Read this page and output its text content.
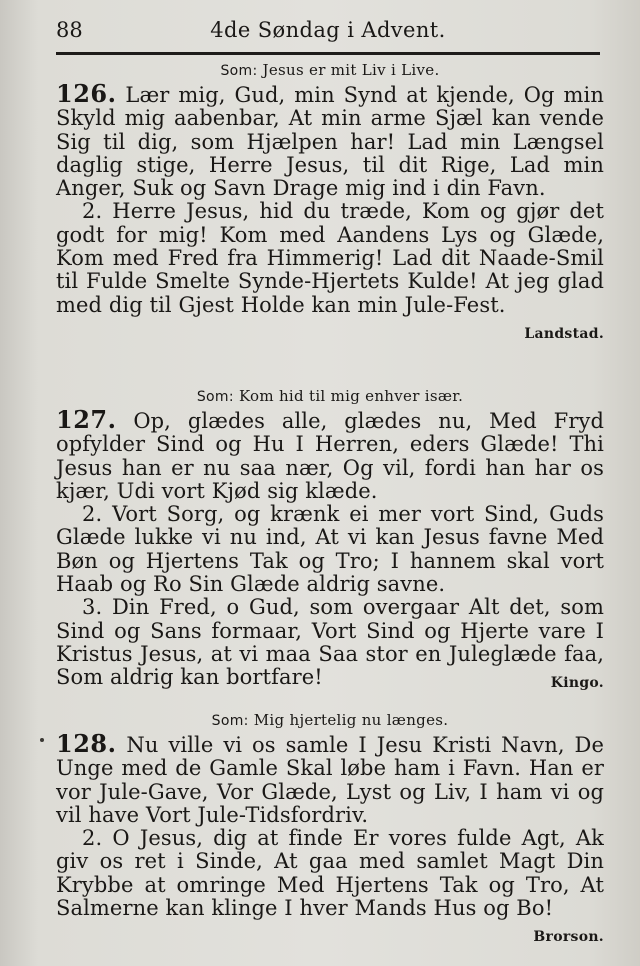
88	4de Søndag i Advent.
Som: Jesus er mit Liv i Live.

126. Lær mig, Gud, min Synd at kjende, Og min Skyld mig aabenbar, At min arme Sjæl kan vende Sig til dig, som Hjælpen har! Lad min Længsel daglig stige, Herre Jesus, til dit Rige, Lad min Anger, Suk og Savn Drage mig ind i din Favn.

2. Herre Jesus, hid du træde, Kom og gjør det godt for mig! Kom med Aandens Lys og Glæde, Kom med Fred fra Himmerig! Lad dit Naade-Smil til Fulde Smelte Synde-Hjertets Kulde! At jeg glad med dig til Gjest Holde kan min Jule-Fest.
Landstad.

Som: Kom hid til mig enhver især.

127. Op, glædes alle, glædes nu, Med Fryd opfylder Sind og Hu I Herren, eders Glæde! Thi Jesus han er nu saa nær, Og vil, fordi han har os kjær, Udi vort Kjød sig klæde.

2. Vort Sorg, og krænk ei mer vort Sind, Guds Glæde lukke vi nu ind, At vi kan Jesus favne Med Bøn og Hjertens Tak og Tro; I hannem skal vort Haab og Ro Sin Glæde aldrig savne.

3. Din Fred, o Gud, som overgaar Alt det, som Sind og Sans formaar, Vort Sind og Hjerte vare I Kristus Jesus, at vi maa Saa stor en Juleglæde faa, Som aldrig kan bortfare!	Kingo.

Som: Mig hjertelig nu længes.

128. Nu ville vi os samle I Jesu Kristi Navn, De Unge med de Gamle Skal løbe ham i Favn. Han er vor Jule-Gave, Vor Glæde, Lyst og Liv, I ham vi og vil have Vort Jule-Tidsfordriv.

2. O Jesus, dig at finde Er vores fulde Agt, Ak giv os ret i Sinde, At gaa med samlet Magt Din Krybbe at omringe Med Hjertens Tak og Tro, At Salmerne kan klinge I hver Mands Hus og Bo!
Brorson.
